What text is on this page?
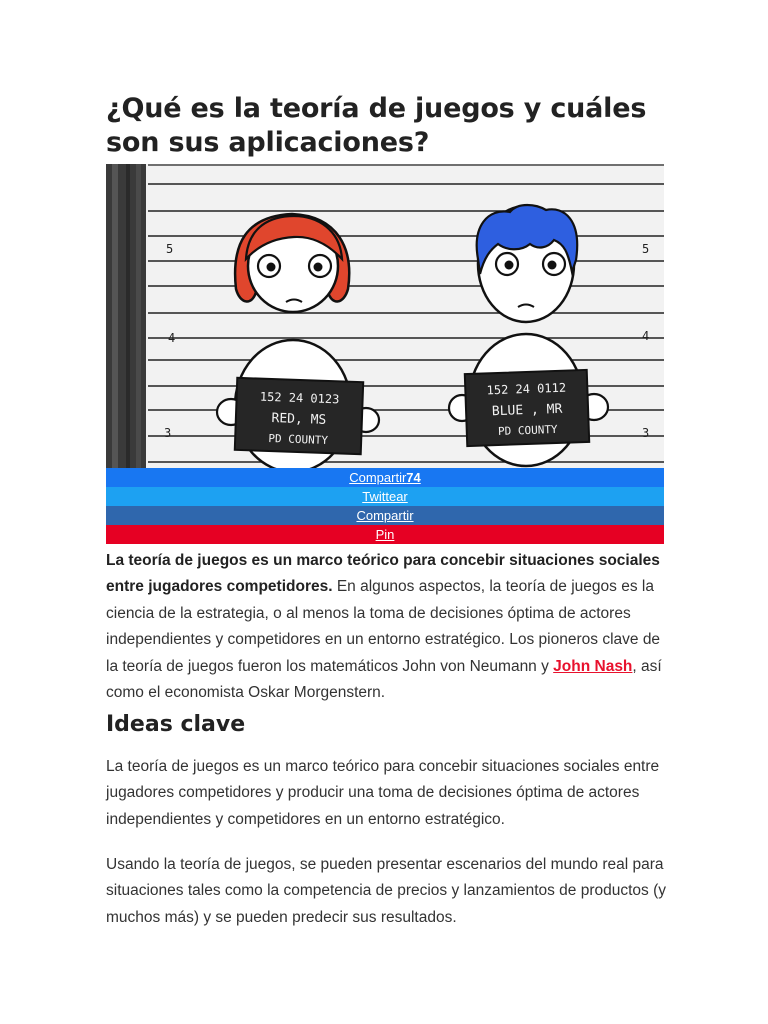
¿Qué es la teoría de juegos y cuáles son sus aplicaciones?
5	5
4	4
3	3
152 24 0123
RED, MS
PD COUNTY
152 24 0112
BLUE , MR
PD COUNTY
Compartir74
Twittear
Compartir
Pin

La teoría de juegos es un marco teórico para concebir situaciones sociales entre jugadores competidores. En algunos aspectos, la teoría de juegos es la ciencia de la estrategia, o al menos la toma de decisiones óptima de actores independientes y competidores en un entorno estratégico. Los pioneros clave de la teoría de juegos fueron los matemáticos John von Neumann y John Nash, así como el economista Oskar Morgenstern.

Ideas clave

La teoría de juegos es un marco teórico para concebir situaciones sociales entre jugadores competidores y producir una toma de decisiones óptima de actores independientes y competidores en un entorno estratégico.

Usando la teoría de juegos, se pueden presentar escenarios del mundo real para situaciones tales como la competencia de precios y lanzamientos de productos (y muchos más) y se pueden predecir sus resultados.
